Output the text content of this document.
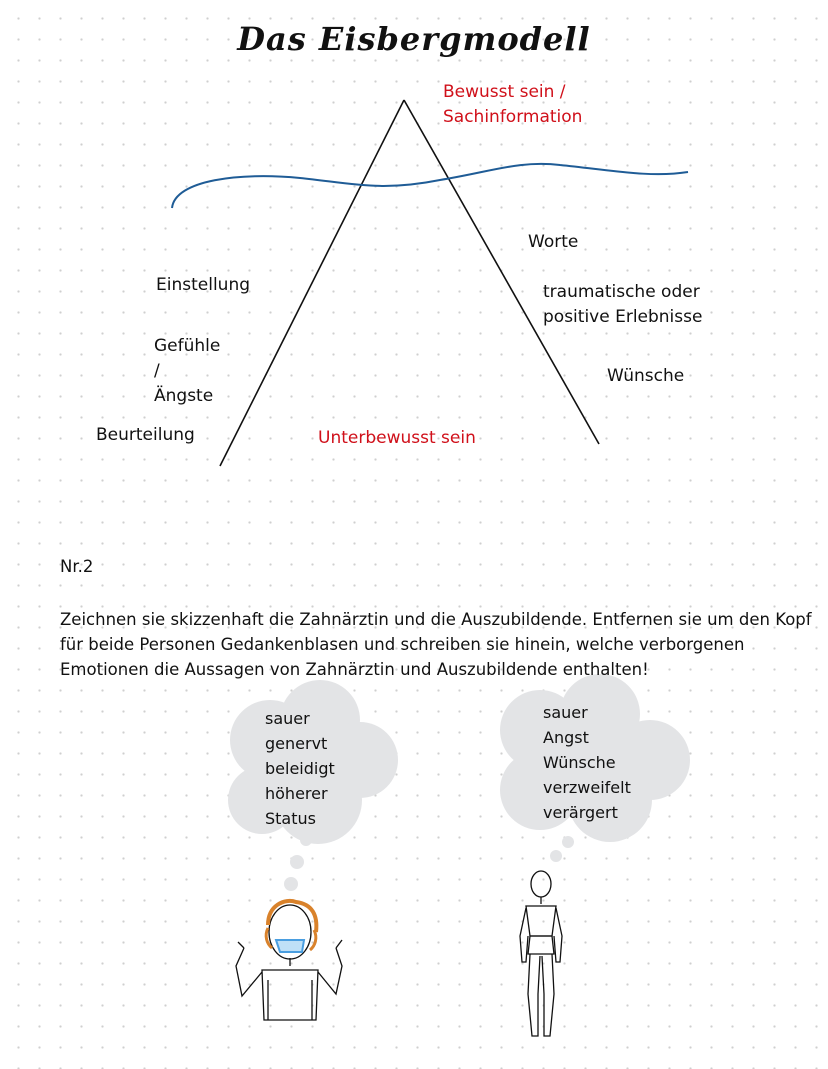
Das Eisbergmodell
Bewusst sein /
Sachinformation
Worte
Einstellung	traumatische oder
positive Erlebnisse
Gefühle
/
Ängste
Wünsche
Beurteilung	Unterbewusst sein
Nr.2
Zeichnen sie skizzenhaft die Zahnärztin und die Auszubildende. Entfernen sie um den Kopf für beide Personen Gedankenblasen und schreiben sie hinein, welche verborgenen Emotionen die Aussagen von Zahnärztin und Auszubildende enthalten!
sauer
genervt
beleidigt
höherer
Status
sauer
Angst
Wünsche
verzweifelt
verärgert
